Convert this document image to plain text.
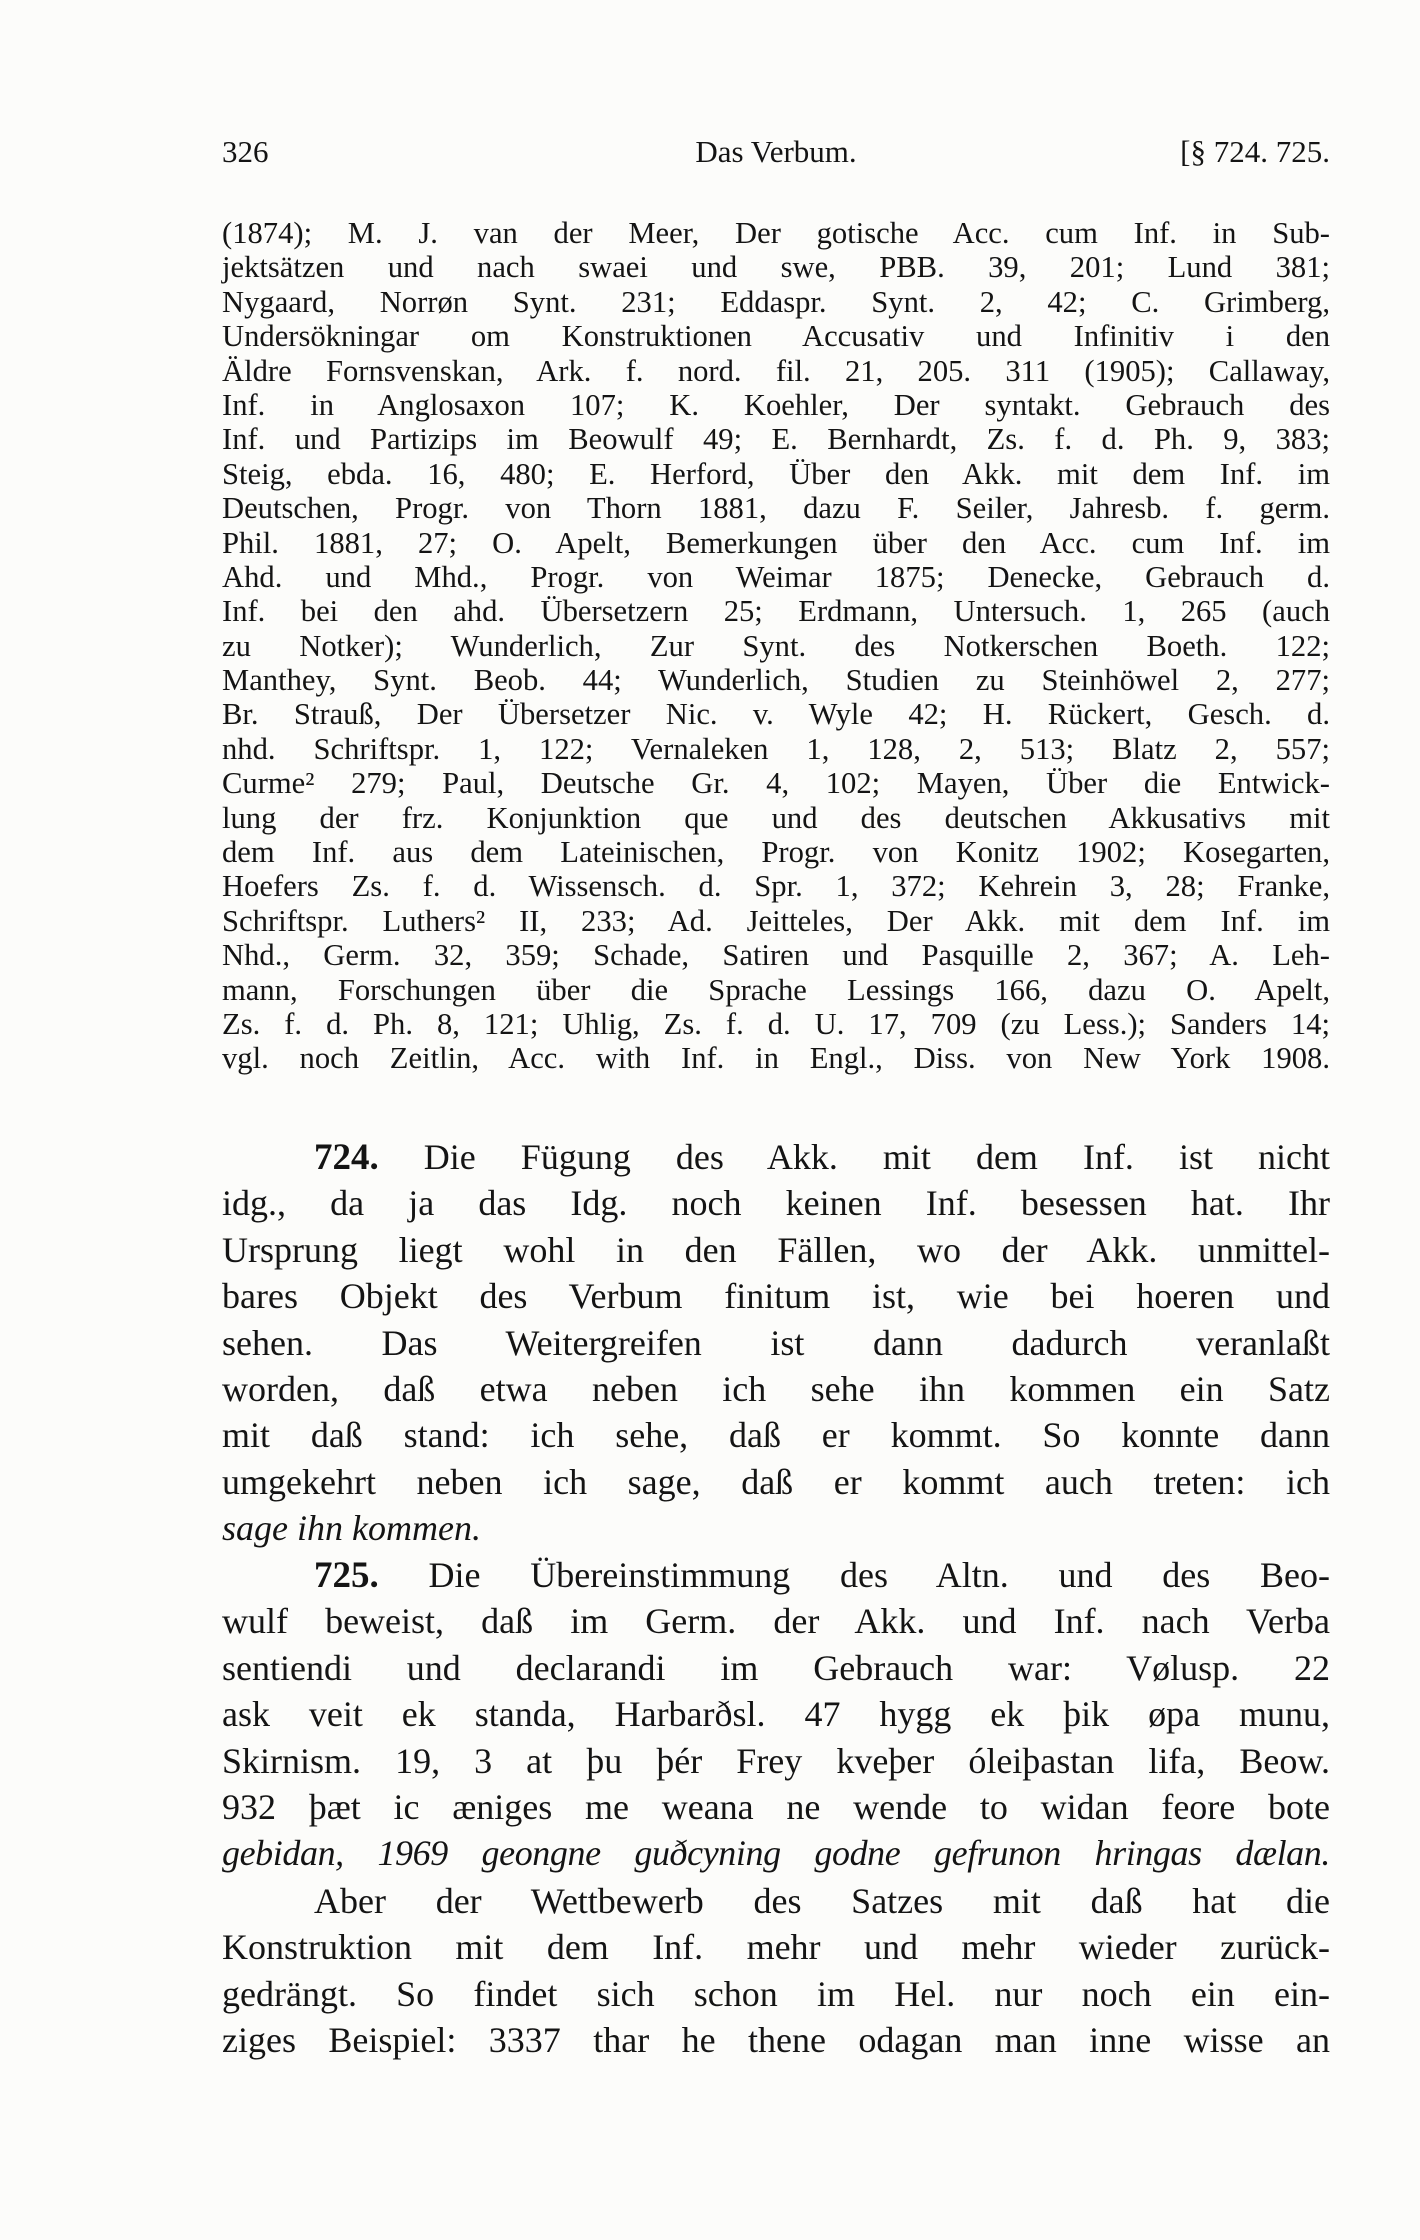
326	Das Verbum.	[§ 724. 725.
(1874); M. J. van der Meer, Der gotische Acc. cum Inf. in Sub-
jektsätzen und nach swaei und swe, PBB. 39, 201; Lund 381;
Nygaard, Norrøn Synt. 231; Eddaspr. Synt. 2, 42; C. Grimberg,
Undersökningar om Konstruktionen Accusativ und Infinitiv i den
Äldre Fornsvenskan, Ark. f. nord. fil. 21, 205. 311 (1905); Callaway,
Inf. in Anglosaxon 107; K. Koehler, Der syntakt. Gebrauch des
Inf. und Partizips im Beowulf 49; E. Bernhardt, Zs. f. d. Ph. 9, 383;
Steig, ebda. 16, 480; E. Herford, Über den Akk. mit dem Inf. im
Deutschen, Progr. von Thorn 1881, dazu F. Seiler, Jahresb. f. germ.
Phil. 1881, 27; O. Apelt, Bemerkungen über den Acc. cum Inf. im
Ahd. und Mhd., Progr. von Weimar 1875; Denecke, Gebrauch d.
Inf. bei den ahd. Übersetzern 25; Erdmann, Untersuch. 1, 265 (auch
zu Notker); Wunderlich, Zur Synt. des Notkerschen Boeth. 122;
Manthey, Synt. Beob. 44; Wunderlich, Studien zu Steinhöwel 2, 277;
Br. Strauß, Der Übersetzer Nic. v. Wyle 42; H. Rückert, Gesch. d.
nhd. Schriftspr. 1, 122; Vernaleken 1, 128, 2, 513; Blatz 2, 557;
Curme² 279; Paul, Deutsche Gr. 4, 102; Mayen, Über die Entwick-
lung der frz. Konjunktion que und des deutschen Akkusativs mit
dem Inf. aus dem Lateinischen, Progr. von Konitz 1902; Kosegarten,
Hoefers Zs. f. d. Wissensch. d. Spr. 1, 372; Kehrein 3, 28; Franke,
Schriftspr. Luthers² II, 233; Ad. Jeitteles, Der Akk. mit dem Inf. im
Nhd., Germ. 32, 359; Schade, Satiren und Pasquille 2, 367; A. Leh-
mann, Forschungen über die Sprache Lessings 166, dazu O. Apelt,
Zs. f. d. Ph. 8, 121; Uhlig, Zs. f. d. U. 17, 709 (zu Less.); Sanders 14;
vgl. noch Zeitlin, Acc. with Inf. in Engl., Diss. von New York 1908.
724. Die Fügung des Akk. mit dem Inf. ist nicht
idg., da ja das Idg. noch keinen Inf. besessen hat. Ihr
Ursprung liegt wohl in den Fällen, wo der Akk. unmittel-
bares Objekt des Verbum finitum ist, wie bei hoeren und
sehen. Das Weitergreifen ist dann dadurch veranlaßt
worden, daß etwa neben ich sehe ihn kommen ein Satz
mit daß stand: ich sehe, daß er kommt. So konnte dann
umgekehrt neben ich sage, daß er kommt auch treten: ich
sage ihn kommen.
725. Die Übereinstimmung des Altn. und des Beo-
wulf beweist, daß im Germ. der Akk. und Inf. nach Verba
sentiendi und declarandi im Gebrauch war: Vølusp. 22
ask veit ek standa, Harbarðsl. 47 hygg ek þik øpa munu,
Skirnism. 19, 3 at þu þér Frey kveþer óleiþastan lifa, Beow.
932 þæt ic æniges me weana ne wende to widan feore bote
gebidan, 1969 geongne guðcyning godne gefrunon hringas dælan.
Aber der Wettbewerb des Satzes mit daß hat die
Konstruktion mit dem Inf. mehr und mehr wieder zurück-
gedrängt. So findet sich schon im Hel. nur noch ein ein-
ziges Beispiel: 3337 thar he thene odagan man inne wisse an
